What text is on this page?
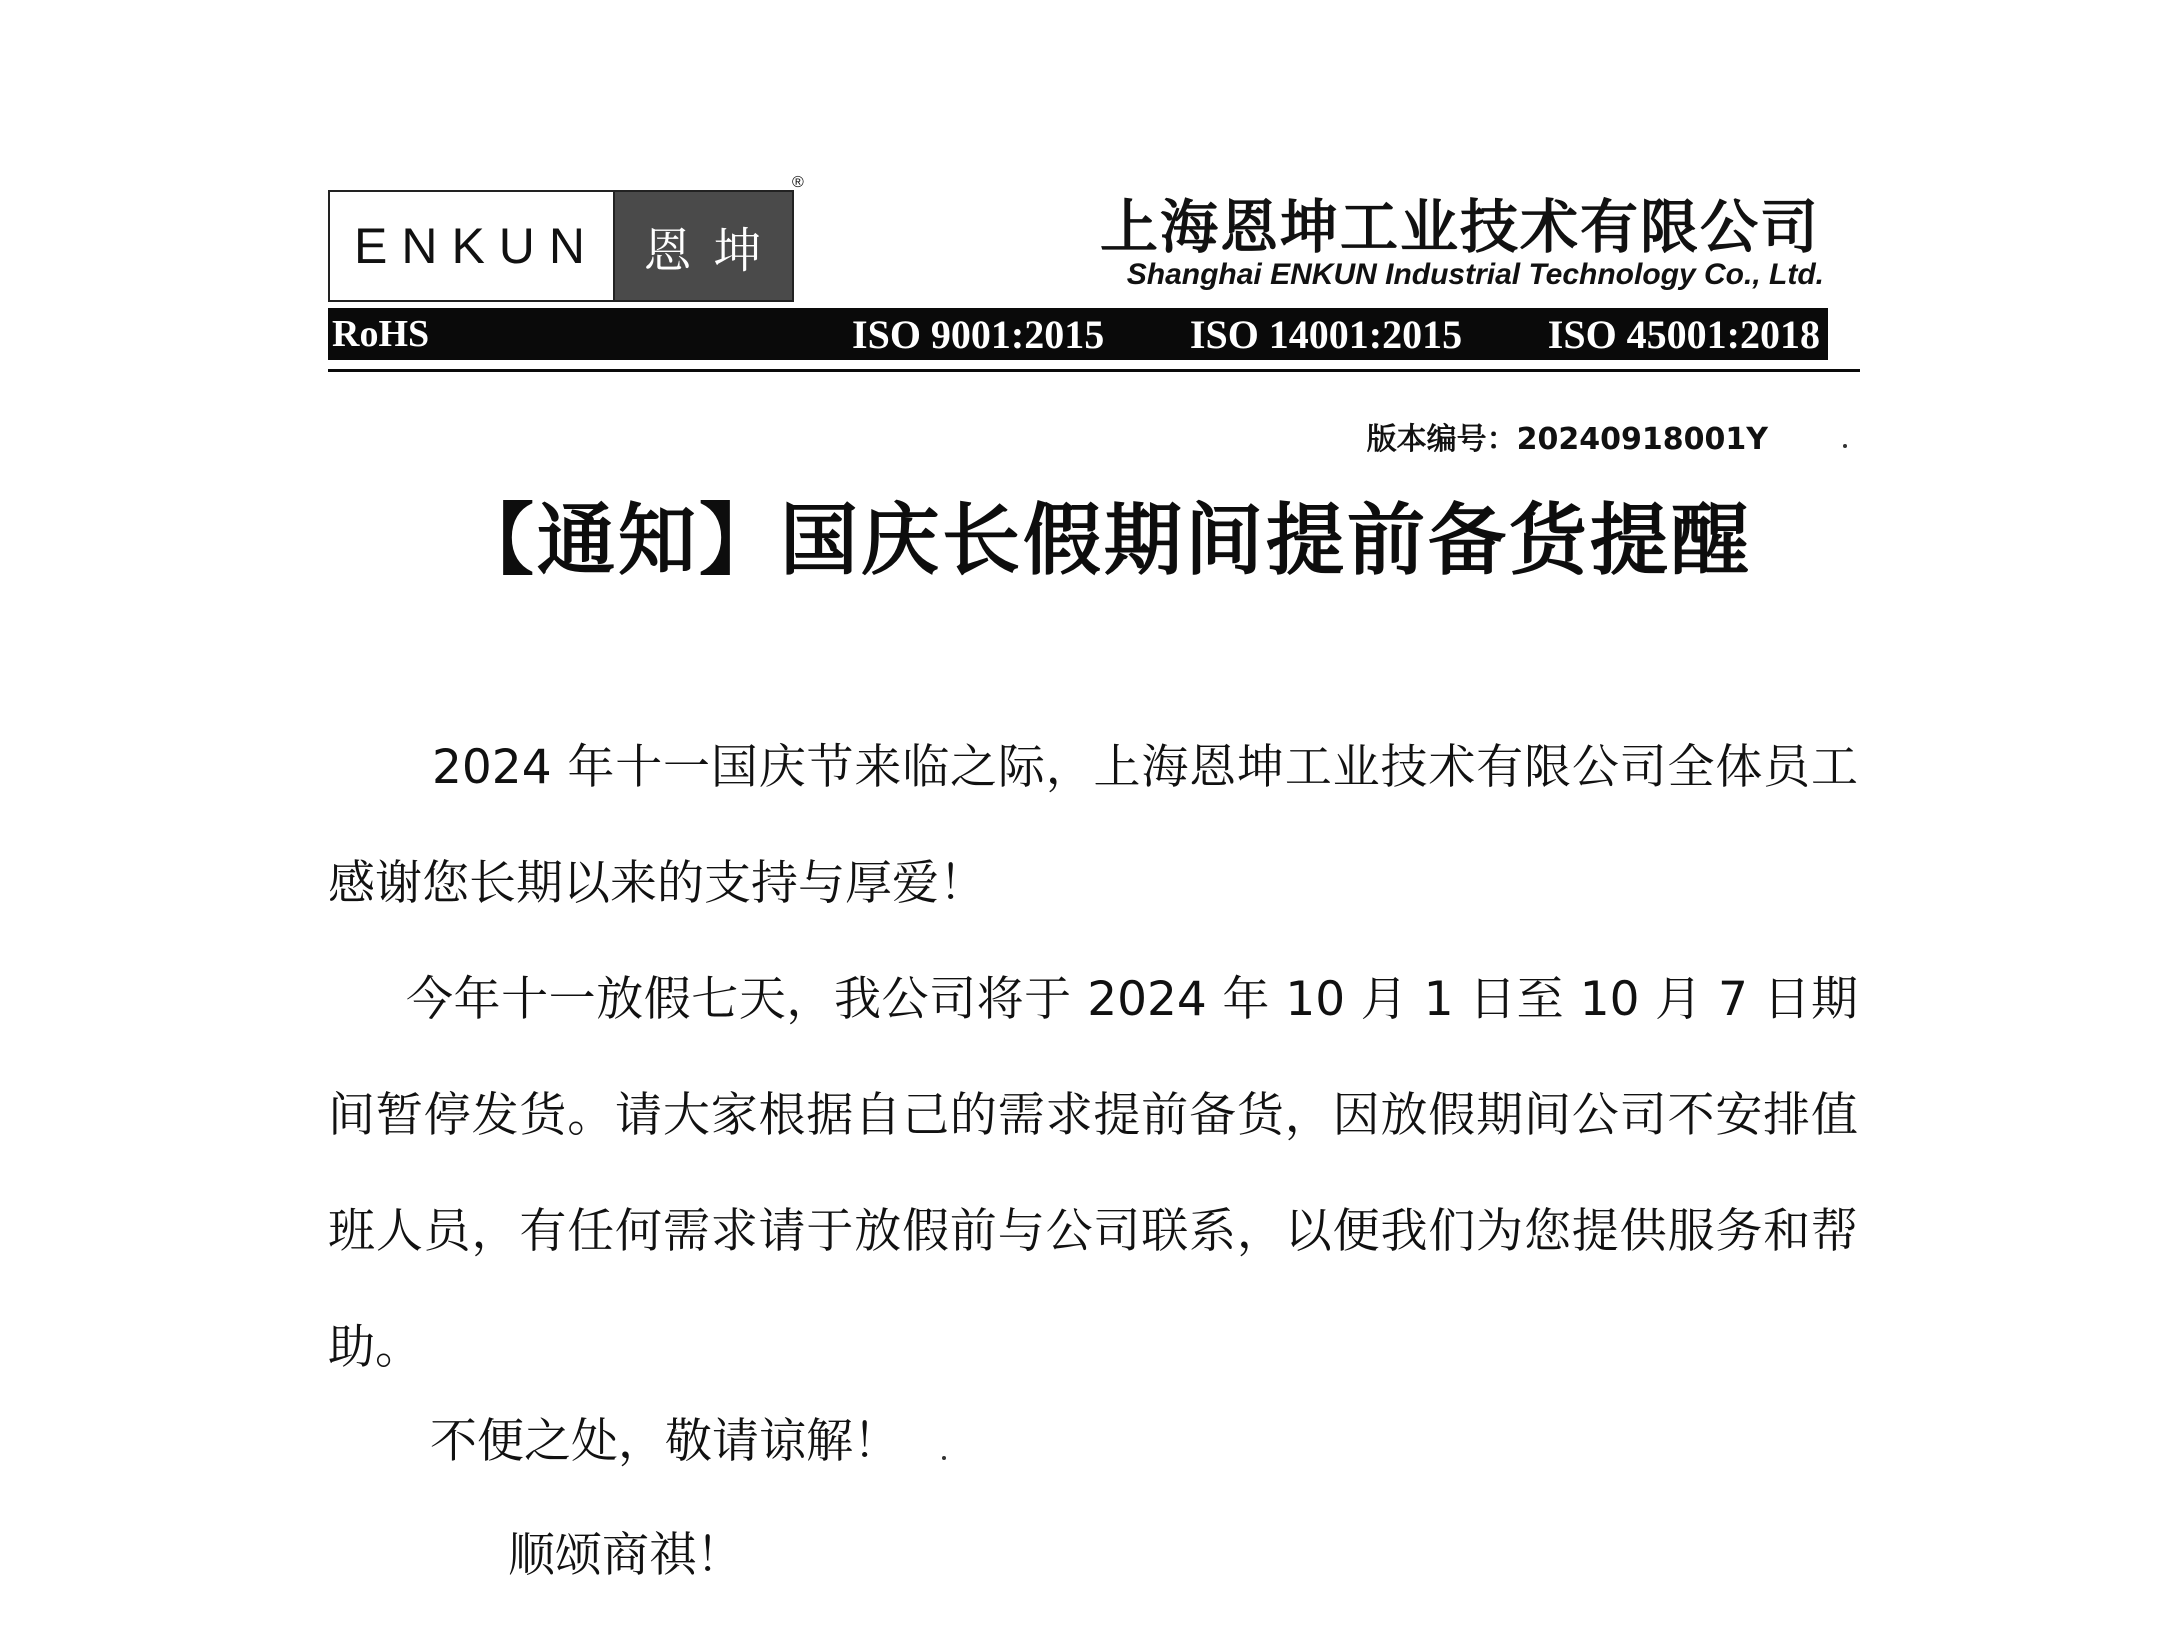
ENKUN 恩坤
®
上海恩坤工业技术有限公司
Shanghai ENKUN Industrial Technology Co., Ltd.
RoHS	ISO 9001:2015 ISO 14001:2015 ISO 45001:2018
版本编号：20240918001Y
【通知】国庆长假期间提前备货提醒

2024 年十一国庆节来临之际，上海恩坤工业技术有限公司全体员工感谢您长期以来的支持与厚爱！

今年十一放假七天，我公司将于 2024 年 10 月 1 日至 10 月 7 日期间暂停发货。请大家根据自己的需求提前备货，因放假期间公司不安排值班人员，有任何需求请于放假前与公司联系，以便我们为您提供服务和帮助。

不便之处，敬请谅解！
顺颂商祺！
